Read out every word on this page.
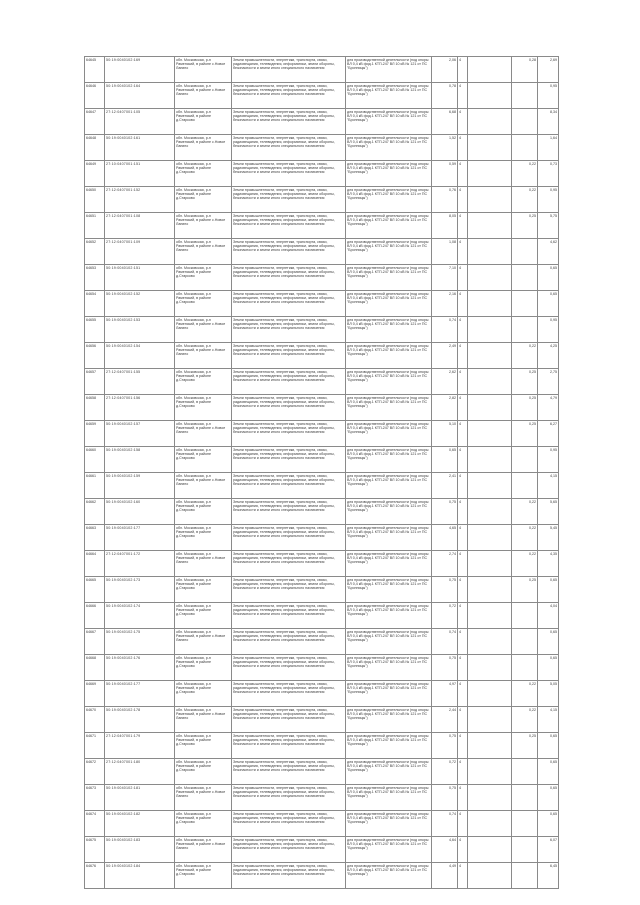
64645	50:19:0040102:169	обл. Московская, р-н Раменский, в районе с.Новое Лапино	Земли промышленности, энергетики, транспорта, связи, радиовещания, телевидения, информатики, земли обороны, безопасности и земли иного специального назначения	для производственной деятельности (под опоры ВЛ 0,4 кВ фид.1 КТП-247 ВЛ 10 кВ № 121 от ПС "Бронницы")	2,06	4		0,28	2,69
64646	50:19:0040102:164	обл. Московская, р-н Раменский, в районе с.Новое Лапино	Земли промышленности, энергетики, транспорта, связи, радиовещания, телевидения, информатики, земли обороны, безопасности и земли иного специального назначения	для производственной деятельности (под опоры ВЛ 0,4 кВ фид.1 КТП-247 ВЛ 10 кВ № 121 от ПС "Бронницы")	0,78	4			0,95
64647	27:12:0407001:105	обл. Московская, р-н Раменский, в районе д.Старково	Земли промышленности, энергетики, транспорта, связи, радиовещания, телевидения, информатики, земли обороны, безопасности и земли иного специального назначения	для производственной деятельности (под опоры ВЛ 0,4 кВ фид.1 КТП-247 ВЛ 10 кВ № 121 от ПС "Бронницы")	6,68	4			8,34
64648	50:19:0040102:161	обл. Московская, р-н Раменский, в районе с.Новое Лапино	Земли промышленности, энергетики, транспорта, связи, радиовещания, телевидения, информатики, земли обороны, безопасности и земли иного специального назначения	для производственной деятельности (под опоры ВЛ 0,4 кВ фид.1 КТП-247 ВЛ 10 кВ № 121 от ПС "Бронницы")	1,52	4			1,64
64649	27:10:0407001:151	обл. Московская, р-н Раменский, в районе д.Старково	Земли промышленности, энергетики, транспорта, связи, радиовещания, телевидения, информатики, земли обороны, безопасности и земли иного специального назначения	для производственной деятельности (под опоры ВЛ 0,4 кВ фид.1 КТП-247 ВЛ 10 кВ № 121 от ПС "Бронницы")	0,59	4		0,22	0,73
64650	27:12:0407001:152	обл. Московская, р-н Раменский, в районе д.Старково	Земли промышленности, энергетики, транспорта, связи, радиовещания, телевидения, информатики, земли обороны, безопасности и земли иного специального назначения	для производственной деятельности (под опоры ВЛ 0,4 кВ фид.1 КТП-247 ВЛ 10 кВ № 121 от ПС "Бронницы")	0,76	4		0,22	0,95
64651	27:12:0407001:108	обл. Московская, р-н Раменский, в районе с.Новое Лапино	Земли промышленности, энергетики, транспорта, связи, радиовещания, телевидения, информатики, земли обороны, безопасности и земли иного специального назначения	для производственной деятельности (под опоры ВЛ 0,4 кВ фид.1 КТП-247 ВЛ 10 кВ № 121 от ПС "Бронницы")	8,05	4		0,25	5,75
64652	27:12:0407001:109	обл. Московская, р-н Раменский, в районе с.Новое Лапино	Земли промышленности, энергетики, транспорта, связи, радиовещания, телевидения, информатики, земли обороны, безопасности и земли иного специального назначения	для производственной деятельности (под опоры ВЛ 0,4 кВ фид.1 КТП-247 ВЛ 10 кВ № 121 от ПС "Бронницы")	1,08	4			4,62
64653	50:19:0040102:151	обл. Московская, р-н Раменский, в районе д.Старково	Земли промышленности, энергетики, транспорта, связи, радиовещания, телевидения, информатики, земли обороны, безопасности и земли иного специального назначения	для производственной деятельности (под опоры ВЛ 0,4 кВ фид.1 КТП-247 ВЛ 10 кВ № 121 от ПС "Бронницы")	7,10	4			0,65
64654	50:19:0040102:152	обл. Московская, р-н Раменский, в районе д.Старково	Земли промышленности, энергетики, транспорта, связи, радиовещания, телевидения, информатики, земли обороны, безопасности и земли иного специального назначения	для производственной деятельности (под опоры ВЛ 0,4 кВ фид.1 КТП-247 ВЛ 10 кВ № 121 от ПС "Бронницы")	2,16	4			0,65
64655	50:19:0040102:153	обл. Московская, р-н Раменский, в районе с.Новое Лапино	Земли промышленности, энергетики, транспорта, связи, радиовещания, телевидения, информатики, земли обороны, безопасности и земли иного специального назначения	для производственной деятельности (под опоры ВЛ 0,4 кВ фид.1 КТП-247 ВЛ 10 кВ № 121 от ПС "Бронницы")	0,74	4			0,95
64656	50:19:0040102:154	обл. Московская, р-н Раменский, в районе с.Новое Лапино	Земли промышленности, энергетики, транспорта, связи, радиовещания, телевидения, информатики, земли обороны, безопасности и земли иного специального назначения	для производственной деятельности (под опоры ВЛ 0,4 кВ фид.1 КТП-247 ВЛ 10 кВ № 121 от ПС "Бронницы")	2,49	4		0,22	4,25
64657	27:12:0407001:155	обл. Московская, р-н Раменский, в районе д.Старково	Земли промышленности, энергетики, транспорта, связи, радиовещания, телевидения, информатики, земли обороны, безопасности и земли иного специального назначения	для производственной деятельности (под опоры ВЛ 0,4 кВ фид.1 КТП-247 ВЛ 10 кВ № 121 от ПС "Бронницы")	2,62	4		0,25	2,75
64658	27:12:0407001:156	обл. Московская, р-н Раменский, в районе д.Старково	Земли промышленности, энергетики, транспорта, связи, радиовещания, телевидения, информатики, земли обороны, безопасности и земли иного специального назначения	для производственной деятельности (под опоры ВЛ 0,4 кВ фид.1 КТП-247 ВЛ 10 кВ № 121 от ПС "Бронницы")	2,82	4		0,25	4,79
64659	50:19:0040102:157	обл. Московская, р-н Раменский, в районе с.Новое Лапино	Земли промышленности, энергетики, транспорта, связи, радиовещания, телевидения, информатики, земли обороны, безопасности и земли иного специального назначения	для производственной деятельности (под опоры ВЛ 0,4 кВ фид.1 КТП-247 ВЛ 10 кВ № 121 от ПС "Бронницы")	5,10	4		0,25	6,27
64660	50:19:0040102:158	обл. Московская, р-н Раменский, в районе д.Старково	Земли промышленности, энергетики, транспорта, связи, радиовещания, телевидения, информатики, земли обороны, безопасности и земли иного специального назначения	для производственной деятельности (под опоры ВЛ 0,4 кВ фид.1 КТП-247 ВЛ 10 кВ № 121 от ПС "Бронницы")	0,65	4			0,95
64661	50:19:0040102:159	обл. Московская, р-н Раменский, в районе с.Новое Лапино	Земли промышленности, энергетики, транспорта, связи, радиовещания, телевидения, информатики, земли обороны, безопасности и земли иного специального назначения	для производственной деятельности (под опоры ВЛ 0,4 кВ фид.1 КТП-247 ВЛ 10 кВ № 121 от ПС "Бронницы")	2,41	4			4,15
64662	50:19:0040102:160	обл. Московская, р-н Раменский, в районе д.Старково	Земли промышленности, энергетики, транспорта, связи, радиовещания, телевидения, информатики, земли обороны, безопасности и земли иного специального назначения	для производственной деятельности (под опоры ВЛ 0,4 кВ фид.1 КТП-247 ВЛ 10 кВ № 121 от ПС "Бронницы")	0,75	4		0,22	5,65
64663	50:19:0040102:177	обл. Московская, р-н Раменский, в районе д.Старково	Земли промышленности, энергетики, транспорта, связи, радиовещания, телевидения, информатики, земли обороны, безопасности и земли иного специального назначения	для производственной деятельности (под опоры ВЛ 0,4 кВ фид.1 КТП-247 ВЛ 10 кВ № 121 от ПС "Бронницы")	4,65	4		0,22	5,45
64664	27:12:0407001:172	обл. Московская, р-н Раменский, в районе с.Новое Лапино	Земли промышленности, энергетики, транспорта, связи, радиовещания, телевидения, информатики, земли обороны, безопасности и земли иного специального назначения	для производственной деятельности (под опоры ВЛ 0,4 кВ фид.1 КТП-247 ВЛ 10 кВ № 121 от ПС "Бронницы")	2,74	4		0,22	4,35
64665	50:19:0040102:173	обл. Московская, р-н Раменский, в районе д.Старково	Земли промышленности, энергетики, транспорта, связи, радиовещания, телевидения, информатики, земли обороны, безопасности и земли иного специального назначения	для производственной деятельности (под опоры ВЛ 0,4 кВ фид.1 КТП-247 ВЛ 10 кВ № 121 от ПС "Бронницы")	0,75	4		0,25	0,65
64666	50:19:0040102:174	обл. Московская, р-н Раменский, в районе д.Старково	Земли промышленности, энергетики, транспорта, связи, радиовещания, телевидения, информатики, земли обороны, безопасности и земли иного специального назначения	для производственной деятельности (под опоры ВЛ 0,4 кВ фид.1 КТП-247 ВЛ 10 кВ № 121 от ПС "Бронницы")	0,72	4			4,04
64667	50:19:0040102:175	обл. Московская, р-н Раменский, в районе с.Новое Лапино	Земли промышленности, энергетики, транспорта, связи, радиовещания, телевидения, информатики, земли обороны, безопасности и земли иного специального назначения	для производственной деятельности (под опоры ВЛ 0,4 кВ фид.1 КТП-247 ВЛ 10 кВ № 121 от ПС "Бронницы")	0,74	4			0,65
64668	50:19:0040102:176	обл. Московская, р-н Раменский, в районе д.Старково	Земли промышленности, энергетики, транспорта, связи, радиовещания, телевидения, информатики, земли обороны, безопасности и земли иного специального назначения	для производственной деятельности (под опоры ВЛ 0,4 кВ фид.1 КТП-247 ВЛ 10 кВ № 121 от ПС "Бронницы")	0,75	4			0,65
64669	50:19:0040102:177	обл. Московская, р-н Раменский, в районе д.Старково	Земли промышленности, энергетики, транспорта, связи, радиовещания, телевидения, информатики, земли обороны, безопасности и земли иного специального назначения	для производственной деятельности (под опоры ВЛ 0,4 кВ фид.1 КТП-247 ВЛ 10 кВ № 121 от ПС "Бронницы")	4,97	4		0,22	5,05
64670	50:19:0040102:178	обл. Московская, р-н Раменский, в районе с.Новое Лапино	Земли промышленности, энергетики, транспорта, связи, радиовещания, телевидения, информатики, земли обороны, безопасности и земли иного специального назначения	для производственной деятельности (под опоры ВЛ 0,4 кВ фид.1 КТП-247 ВЛ 10 кВ № 121 от ПС "Бронницы")	2,44	4		0,22	4,15
64671	27:12:0407001:179	обл. Московская, р-н Раменский, в районе д.Старково	Земли промышленности, энергетики, транспорта, связи, радиовещания, телевидения, информатики, земли обороны, безопасности и земли иного специального назначения	для производственной деятельности (под опоры ВЛ 0,4 кВ фид.1 КТП-247 ВЛ 10 кВ № 121 от ПС "Бронницы")	0,75	4		0,25	0,65
64672	27:12:0407001:180	обл. Московская, р-н Раменский, в районе д.Старково	Земли промышленности, энергетики, транспорта, связи, радиовещания, телевидения, информатики, земли обороны, безопасности и земли иного специального назначения	для производственной деятельности (под опоры ВЛ 0,4 кВ фид.1 КТП-247 ВЛ 10 кВ № 121 от ПС "Бронницы")	0,72	4			0,65
64673	50:19:0040102:181	обл. Московская, р-н Раменский, в районе с.Новое Лапино	Земли промышленности, энергетики, транспорта, связи, радиовещания, телевидения, информатики, земли обороны, безопасности и земли иного специального назначения	для производственной деятельности (под опоры ВЛ 0,4 кВ фид.1 КТП-247 ВЛ 10 кВ № 121 от ПС "Бронницы")	0,75	4			0,65
64674	50:19:0040102:182	обл. Московская, р-н Раменский, в районе д.Старково	Земли промышленности, энергетики, транспорта, связи, радиовещания, телевидения, информатики, земли обороны, безопасности и земли иного специального назначения	для производственной деятельности (под опоры ВЛ 0,4 кВ фид.1 КТП-247 ВЛ 10 кВ № 121 от ПС "Бронницы")	0,74	4			0,65
64675	50:19:0040102:183	обл. Московская, р-н Раменский, в районе с.Новое Лапино	Земли промышленности, энергетики, транспорта, связи, радиовещания, телевидения, информатики, земли обороны, безопасности и земли иного специального назначения	для производственной деятельности (под опоры ВЛ 0,4 кВ фид.1 КТП-247 ВЛ 10 кВ № 121 от ПС "Бронницы")	4,64	4			6,07
64676	50:19:0040102:184	обл. Московская, р-н Раменский, в районе д.Старково	Земли промышленности, энергетики, транспорта, связи, радиовещания, телевидения, информатики, земли обороны, безопасности и земли иного специального назначения	для производственной деятельности (под опоры ВЛ 0,4 кВ фид.1 КТП-247 ВЛ 10 кВ № 121 от ПС "Бронницы")	4,49	4			6,45
